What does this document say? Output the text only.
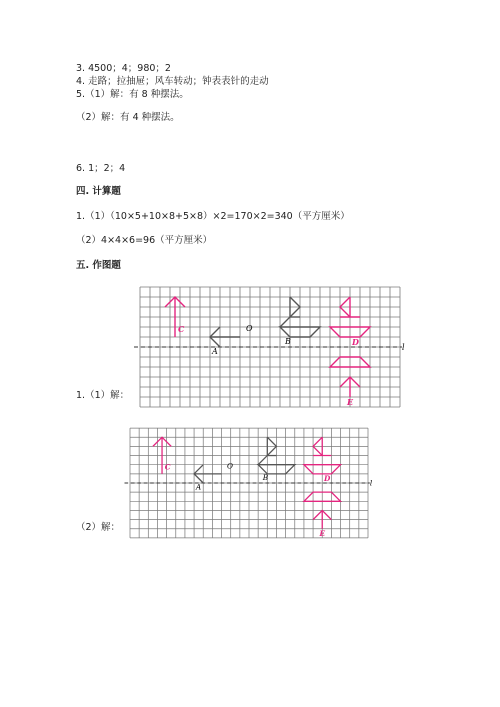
3. 4500；4；980；2
4. 走路；拉抽屉；风车转动；钟表表针的走动
5.（1）解：有 8 种摆法。
（2）解：有 4 种摆法。
6. 1；2；4
四. 计算题
1.（1）（10×5+10×8+5×8）×2=170×2=340（平方厘米）
（2）4×4×6=96（平方厘米）
五. 作图题
1.（1）解：
（2）解：
C	O
A
B	D
E
l
C	O
A
B	D
E
l
